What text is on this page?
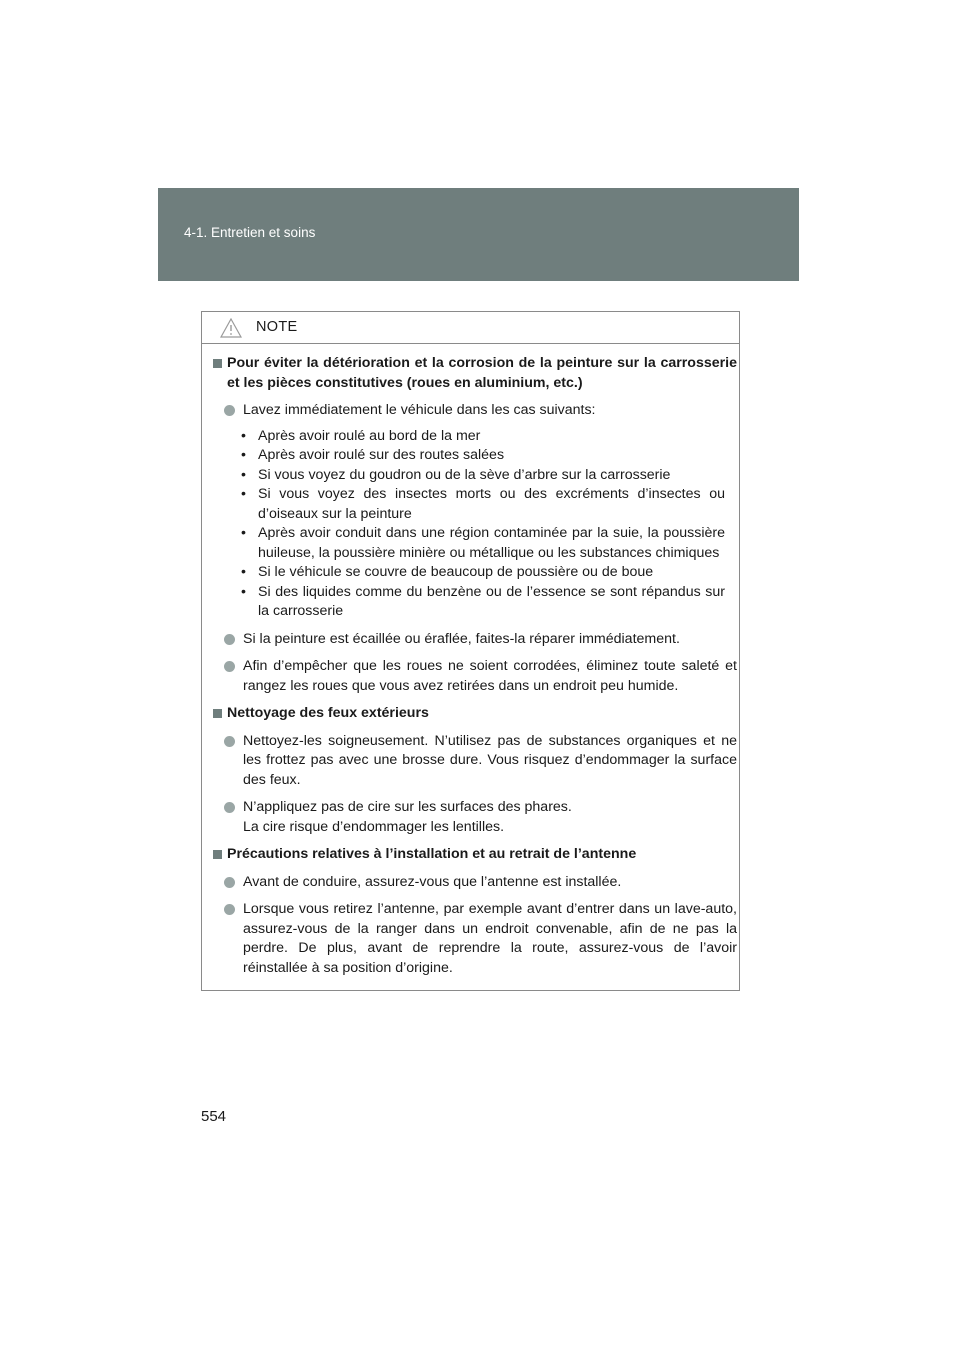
4-1. Entretien et soins
NOTE
Pour éviter la détérioration et la corrosion de la peinture sur la carrosserie et les pièces constitutives (roues en aluminium, etc.)
Lavez immédiatement le véhicule dans les cas suivants:
• Après avoir roulé au bord de la mer
• Après avoir roulé sur des routes salées
• Si vous voyez du goudron ou de la sève d’arbre sur la carrosserie
• Si vous voyez des insectes morts ou des excréments d’insectes ou d’oiseaux sur la peinture
• Après avoir conduit dans une région contaminée par la suie, la poussière huileuse, la poussière minière ou métallique ou les substances chimiques
• Si le véhicule se couvre de beaucoup de poussière ou de boue
• Si des liquides comme du benzène ou de l’essence se sont répandus sur la carrosserie
Si la peinture est écaillée ou éraflée, faites-la réparer immédiatement.
Afin d’empêcher que les roues ne soient corrodées, éliminez toute saleté et rangez les roues que vous avez retirées dans un endroit peu humide.
Nettoyage des feux extérieurs
Nettoyez-les soigneusement. N’utilisez pas de substances organiques et ne les frottez pas avec une brosse dure. Vous risquez d’endommager la surface des feux.
N’appliquez pas de cire sur les surfaces des phares.
La cire risque d’endommager les lentilles.
Précautions relatives à l’installation et au retrait de l’antenne
Avant de conduire, assurez-vous que l’antenne est installée.
Lorsque vous retirez l’antenne, par exemple avant d’entrer dans un lave-auto, assurez-vous de la ranger dans un endroit convenable, afin de ne pas la perdre. De plus, avant de reprendre la route, assurez-vous de l’avoir réinstallée à sa position d’origine.
554
